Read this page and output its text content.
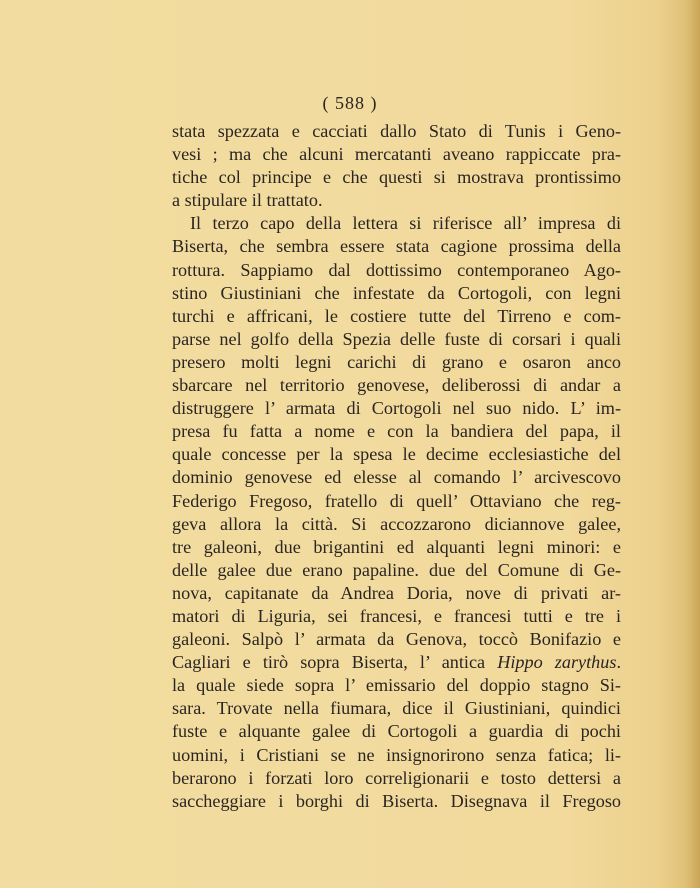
( 588 )
stata spezzata e cacciati dallo Stato di Tunis i Geno-
vesi ; ma che alcuni mercatanti aveano rappiccate pra-
tiche col principe e che questi si mostrava prontissimo
a stipulare il trattato.
Il terzo capo della lettera si riferisce all’ impresa di
Biserta, che sembra essere stata cagione prossima della
rottura. Sappiamo dal dottissimo contemporaneo Ago-
stino Giustiniani che infestate da Cortogoli, con legni
turchi e affricani, le costiere tutte del Tirreno e com-
parse nel golfo della Spezia delle fuste di corsari i quali
presero molti legni carichi di grano e osaron anco
sbarcare nel territorio genovese, deliberossi di andar a
distruggere l’ armata di Cortogoli nel suo nido. L’ im-
presa fu fatta a nome e con la bandiera del papa, il
quale concesse per la spesa le decime ecclesiastiche del
dominio genovese ed elesse al comando l’ arcivescovo
Federigo Fregoso, fratello di quell’ Ottaviano che reg-
geva allora la città. Si accozzarono diciannove galee,
tre galeoni, due brigantini ed alquanti legni minori: e
delle galee due erano papaline. due del Comune di Ge-
nova, capitanate da Andrea Doria, nove di privati ar-
matori di Liguria, sei francesi, e francesi tutti e tre i
galeoni. Salpò l’ armata da Genova, toccò Bonifazio e
Cagliari e tirò sopra Biserta, l’ antica Hippo zarythus.
la quale siede sopra l’ emissario del doppio stagno Si-
sara. Trovate nella fiumara, dice il Giustiniani, quindici
fuste e alquante galee di Cortogoli a guardia di pochi
uomini, i Cristiani se ne insignorirono senza fatica; li-
berarono i forzati loro correligionarii e tosto dettersi a
saccheggiare i borghi di Biserta. Disegnava il Fregoso
